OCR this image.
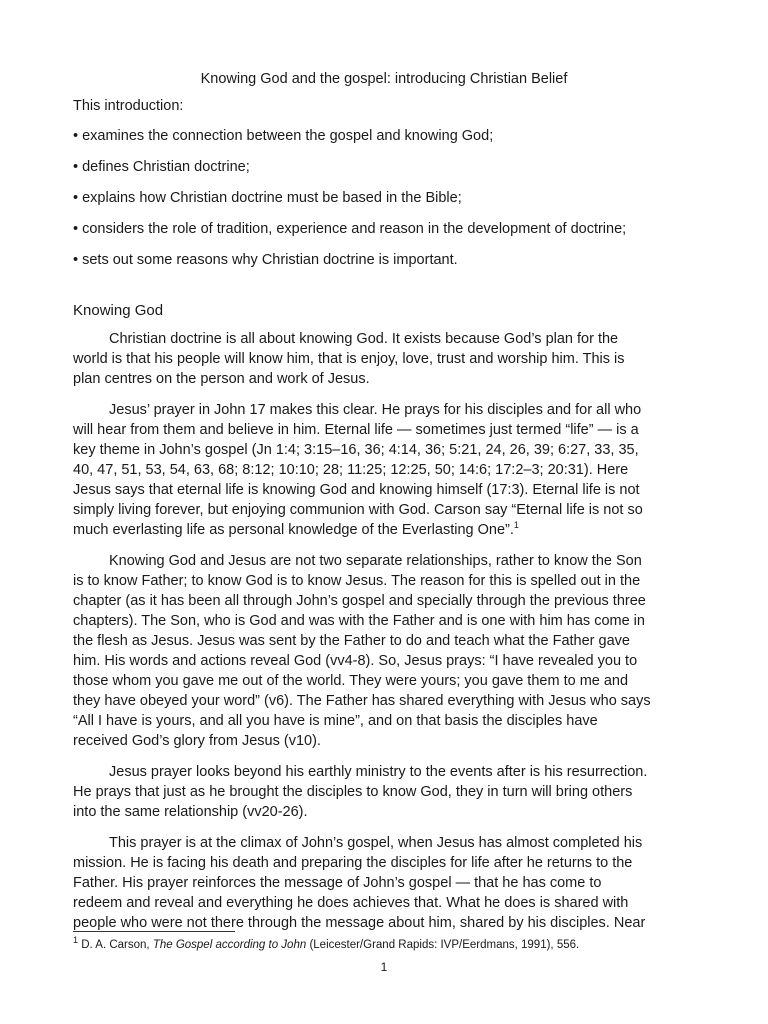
Knowing God and the gospel: introducing Christian Belief
This introduction:
• examines the connection between the gospel and knowing God;
• defines Christian doctrine;
• explains how Christian doctrine must be based in the Bible;
• considers the role of tradition, experience and reason in the development of doctrine;
• sets out some reasons why Christian doctrine is important.
Knowing God

Christian doctrine is all about knowing God. It exists because God’s plan for the
world is that his people will know him, that is enjoy, love, trust and worship him. This is
plan centres on the person and work of Jesus.

Jesus’ prayer in John 17 makes this clear. He prays for his disciples and for all who
will hear from them and believe in him. Eternal life — sometimes just termed “life” — is a
key theme in John’s gospel (Jn 1:4; 3:15–16, 36; 4:14, 36; 5:21, 24, 26, 39; 6:27, 33, 35,
40, 47, 51, 53, 54, 63, 68; 8:12; 10:10; 28; 11:25; 12:25, 50; 14:6; 17:2–3; 20:31). Here
Jesus says that eternal life is knowing God and knowing himself (17:3). Eternal life is not
simply living forever, but enjoying communion with God. Carson say “Eternal life is not so
much everlasting life as personal knowledge of the Everlasting One”.$^1$

Knowing God and Jesus are not two separate relationships, rather to know the Son
is to know Father; to know God is to know Jesus. The reason for this is spelled out in the
chapter (as it has been all through John’s gospel and specially through the previous three
chapters). The Son, who is God and was with the Father and is one with him has come in
the flesh as Jesus. Jesus was sent by the Father to do and teach what the Father gave
him. His words and actions reveal God (vv4-8). So, Jesus prays: “I have revealed you to
those whom you gave me out of the world. They were yours; you gave them to me and
they have obeyed your word” (v6). The Father has shared everything with Jesus who says
“All I have is yours, and all you have is mine”, and on that basis the disciples have
received God’s glory from Jesus (v10).

Jesus prayer looks beyond his earthly ministry to the events after is his resurrection.
He prays that just as he brought the disciples to know God, they in turn will bring others
into the same relationship (vv20-26).

This prayer is at the climax of John’s gospel, when Jesus has almost completed his
mission. He is facing his death and preparing the disciples for life after he returns to the
Father. His prayer reinforces the message of John’s gospel — that he has come to
redeem and reveal and everything he does achieves that. What he does is shared with
people who were not there through the message about him, shared by his disciples. Near

$^1$ D. A. Carson, The Gospel according to John (Leicester/Grand Rapids: IVP/Eerdmans, 1991), 556.
1
